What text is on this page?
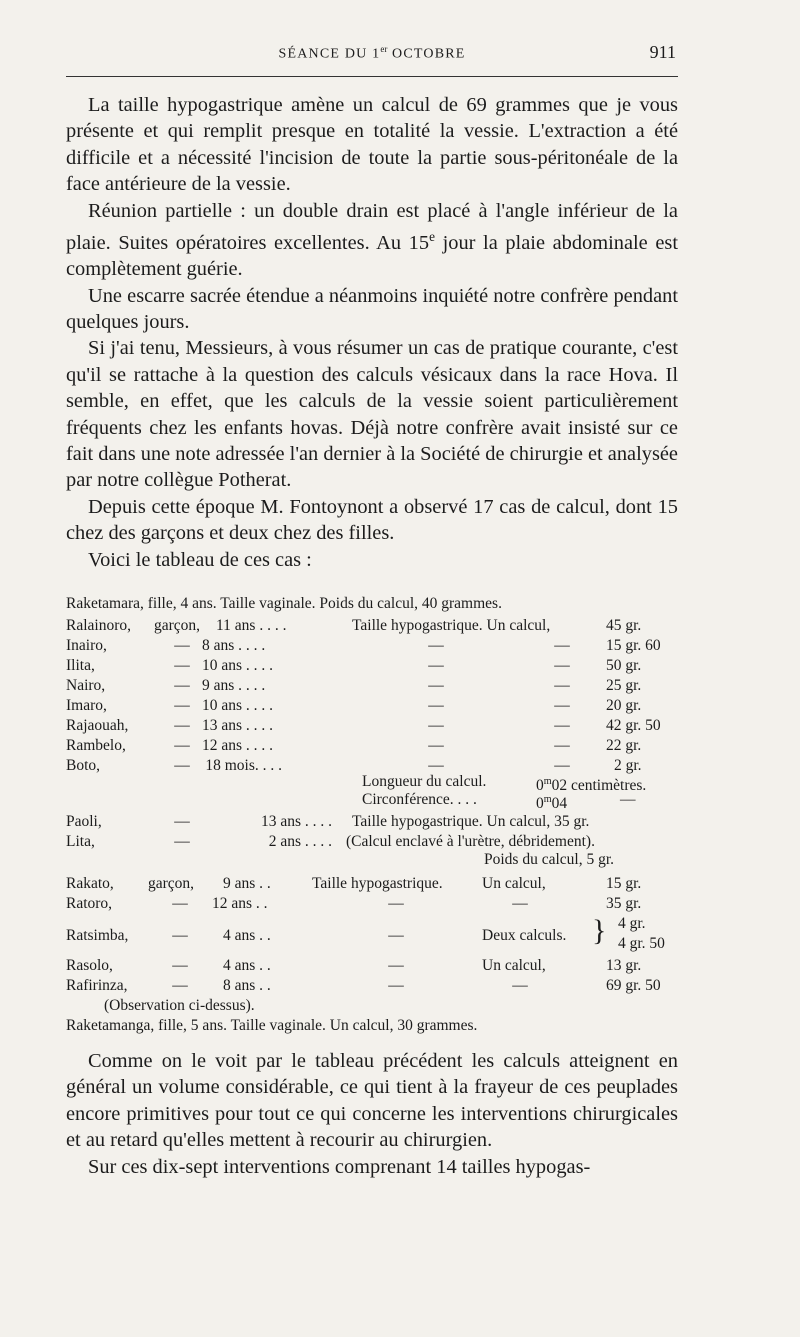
SÉANCE DU 1er OCTOBRE	911

La taille hypogastrique amène un calcul de 69 grammes que je vous présente et qui remplit presque en totalité la vessie. L'extraction a été difficile et a nécessité l'incision de toute la partie sous-péritonéale de la face antérieure de la vessie.

Réunion partielle : un double drain est placé à l'angle inférieur de la plaie. Suites opératoires excellentes. Au 15e jour la plaie abdominale est complètement guérie.

Une escarre sacrée étendue a néanmoins inquiété notre confrère pendant quelques jours.

Si j'ai tenu, Messieurs, à vous résumer un cas de pratique courante, c'est qu'il se rattache à la question des calculs vésicaux dans la race Hova. Il semble, en effet, que les calculs de la vessie soient particulièrement fréquents chez les enfants hovas. Déjà notre confrère avait insisté sur ce fait dans une note adressée l'an dernier à la Société de chirurgie et analysée par notre collègue Potherat.

Depuis cette époque M. Fontoynont a observé 17 cas de calcul, dont 15 chez des garçons et deux chez des filles.

Voici le tableau de ces cas :

Raketamara, fille, 4 ans. Taille vaginale. Poids du calcul, 40 grammes.
Ralainoro, garçon, 11 ans . . . .	Taille hypogastrique. Un calcul,	45 gr.
Inairo,	— 8 ans . . . .	—	— 15 gr. 60
Ilita,	— 10 ans . . . .	—	— 50 gr.
Nairo,	— 9 ans . . . .	—	— 25 gr.
Imaro,	— 10 ans . . . .	—	— 20 gr.
Rajaouah,	— 13 ans . . . .	—	— 42 gr. 50
Rambelo,	— 12 ans . . . .	—	— 22 gr.
Boto,	— 18 mois. . . .	—	—	2 gr.
Longueur du calcul.	0$^m$02 centimètres.
Circonférence. . . .	0$^m$04	—
Paoli,	—	13 ans . . . . Taille hypogastrique. Un calcul, 35 gr.
Lita,	—	2 ans . . . . (Calcul enclavé à l'urètre, débridement).
Poids du calcul, 5 gr.
Rakato, garçon, 9 ans . .	Taille hypogastrique.	Un calcul,	15 gr.
Ratoro,	— 12 ans . .	—	—	35 gr.
Ratsimba,	— 4 ans . .	—	Deux calculs. } 4 gr.
4 gr. 50
Rasolo,	— 4 ans . .	—	Un calcul,	13 gr.
Rafirinza,	— 8 ans . .	—	—	69 gr. 50
(Observation ci-dessus).
Raketamanga, fille, 5 ans. Taille vaginale. Un calcul, 30 grammes.

Comme on le voit par le tableau précédent les calculs atteignent en général un volume considérable, ce qui tient à la frayeur de ces peuplades encore primitives pour tout ce qui concerne les interventions chirurgicales et au retard qu'elles mettent à recourir au chirurgien.

Sur ces dix-sept interventions comprenant 14 tailles hypogas-
